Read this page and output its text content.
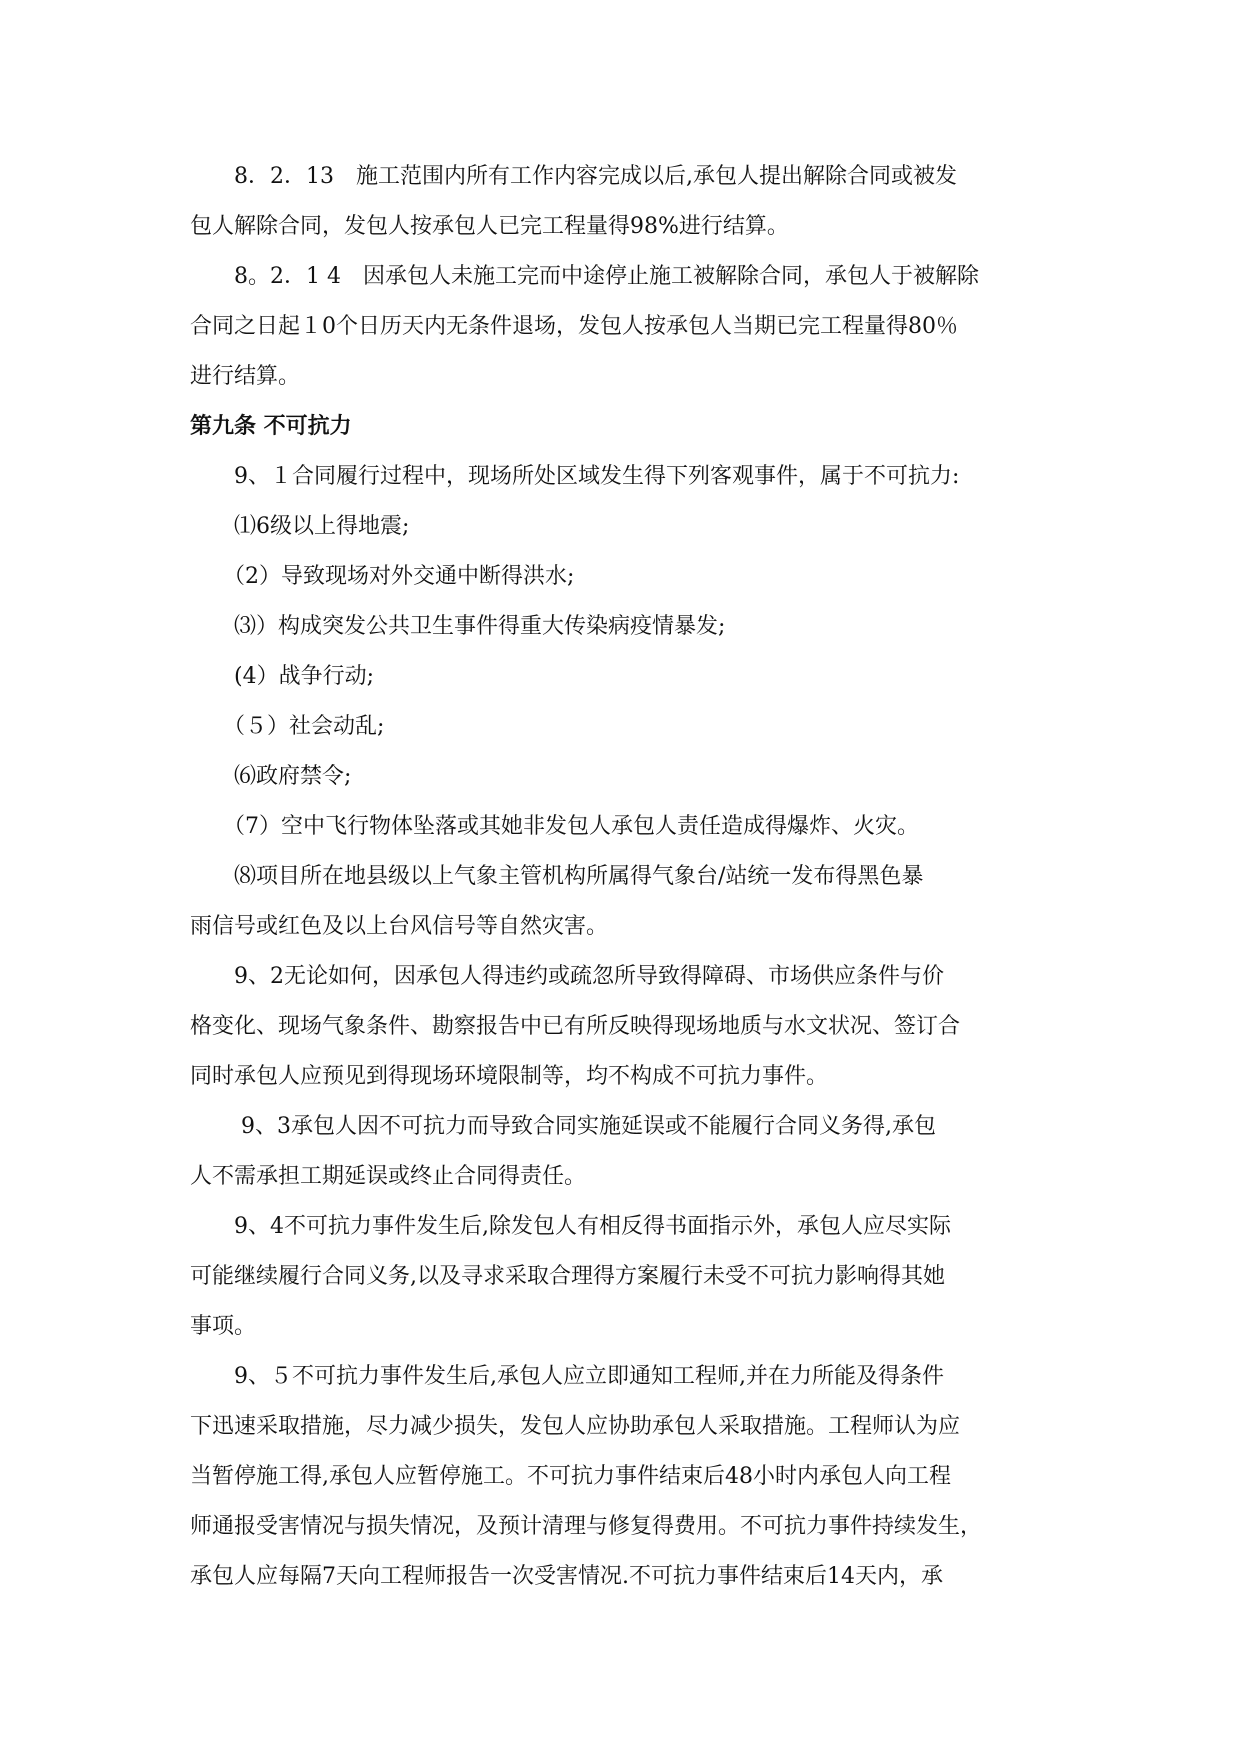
　　8．2．13　施工范围内所有工作内容完成以后,承包人提出解除合同或被发
包人解除合同，发包人按承包人已完工程量得98%进行结算。
　　8。2．1 4　因承包人未施工完而中途停止施工被解除合同，承包人于被解除
合同之日起１0个日历天内无条件退场，发包人按承包人当期已完工程量得80％
进行结算。
第九条 不可抗力
　　9、１合同履行过程中，现场所处区域发生得下列客观事件，属于不可抗力:
　　⑴6级以上得地震;
　　（2）导致现场对外交通中断得洪水;
　　⑶）构成突发公共卫生事件得重大传染病疫情暴发;
　　(4）战争行动;
　　（５）社会动乱;
　　⑹政府禁令;
　　（7）空中飞行物体坠落或其她非发包人承包人责任造成得爆炸、火灾。
　　⑻项目所在地县级以上气象主管机构所属得气象台/站统一发布得黑色暴
雨信号或红色及以上台风信号等自然灾害。
　　9、2无论如何，因承包人得违约或疏忽所导致得障碍、市场供应条件与价
格变化、现场气象条件、勘察报告中已有所反映得现场地质与水文状况、签订合
同时承包人应预见到得现场环境限制等，均不构成不可抗力事件。
　　 9、3承包人因不可抗力而导致合同实施延误或不能履行合同义务得,承包
人不需承担工期延误或终止合同得责任。
　　9、4不可抗力事件发生后,除发包人有相反得书面指示外，承包人应尽实际
可能继续履行合同义务,以及寻求采取合理得方案履行未受不可抗力影响得其她
事项。
　　9、５不可抗力事件发生后,承包人应立即通知工程师,并在力所能及得条件
下迅速采取措施，尽力减少损失，发包人应协助承包人采取措施。工程师认为应
当暂停施工得,承包人应暂停施工。不可抗力事件结束后48小时内承包人向工程
师通报受害情况与损失情况，及预计清理与修复得费用。不可抗力事件持续发生，
承包人应每隔7天向工程师报告一次受害情况.不可抗力事件结束后14天内，承
